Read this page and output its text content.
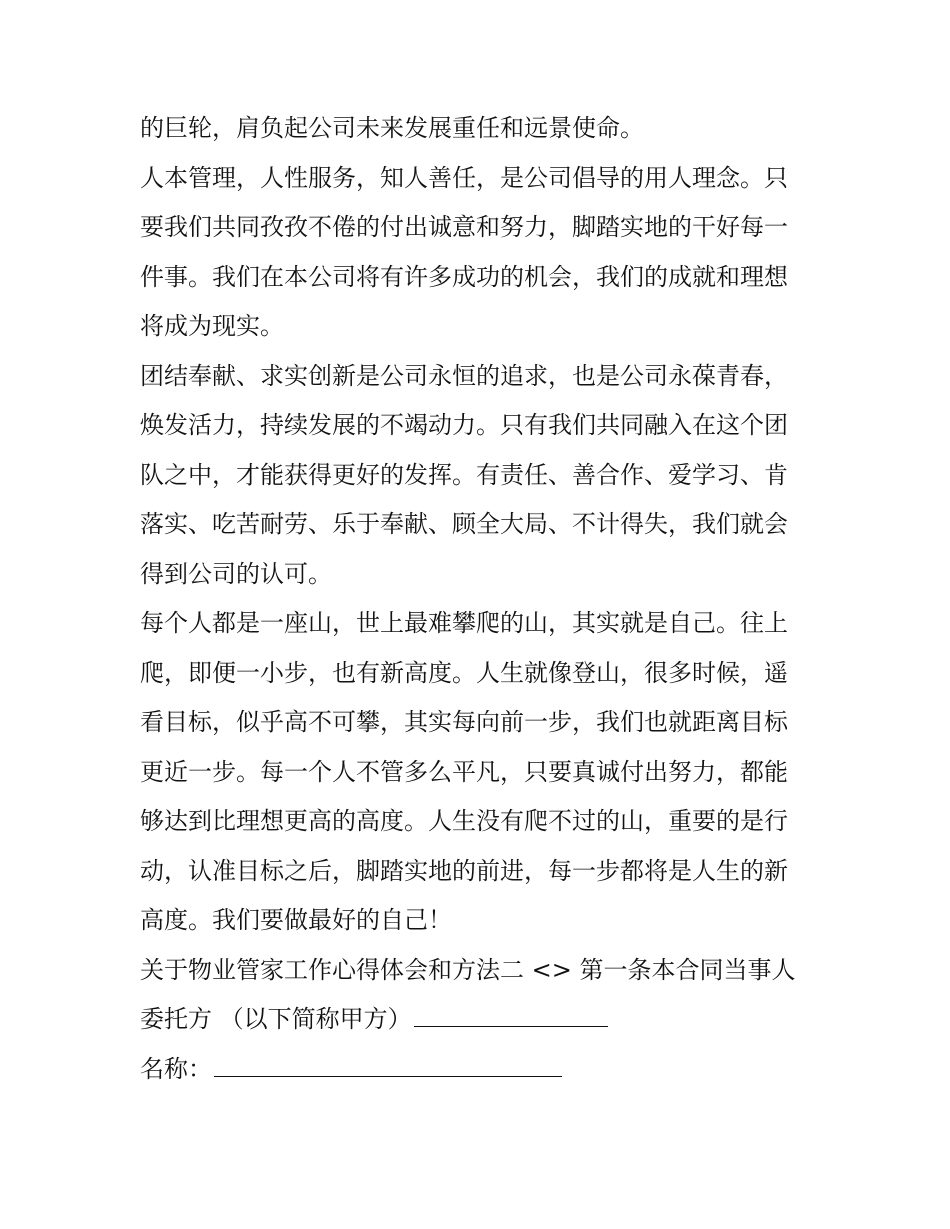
的巨轮，肩负起公司未来发展重任和远景使命。
人本管理，人性服务，知人善任，是公司倡导的用人理念。只
要我们共同孜孜不倦的付出诚意和努力，脚踏实地的干好每一
件事。我们在本公司将有许多成功的机会，我们的成就和理想
将成为现实。
团结奉献、求实创新是公司永恒的追求，也是公司永葆青春，
焕发活力，持续发展的不竭动力。只有我们共同融入在这个团
队之中，才能获得更好的发挥。有责任、善合作、爱学习、肯
落实、吃苦耐劳、乐于奉献、顾全大局、不计得失，我们就会
得到公司的认可。
每个人都是一座山，世上最难攀爬的山，其实就是自己。往上
爬，即便一小步，也有新高度。人生就像登山，很多时候，遥
看目标，似乎高不可攀，其实每向前一步，我们也就距离目标
更近一步。每一个人不管多么平凡，只要真诚付出努力，都能
够达到比理想更高的高度。人生没有爬不过的山，重要的是行
动，认准目标之后，脚踏实地的前进，每一步都将是人生的新
高度。我们要做最好的自己！
关于物业管家工作心得体会和方法二 <> 第一条本合同当事人
委托方 （以下简称甲方）
名称：
